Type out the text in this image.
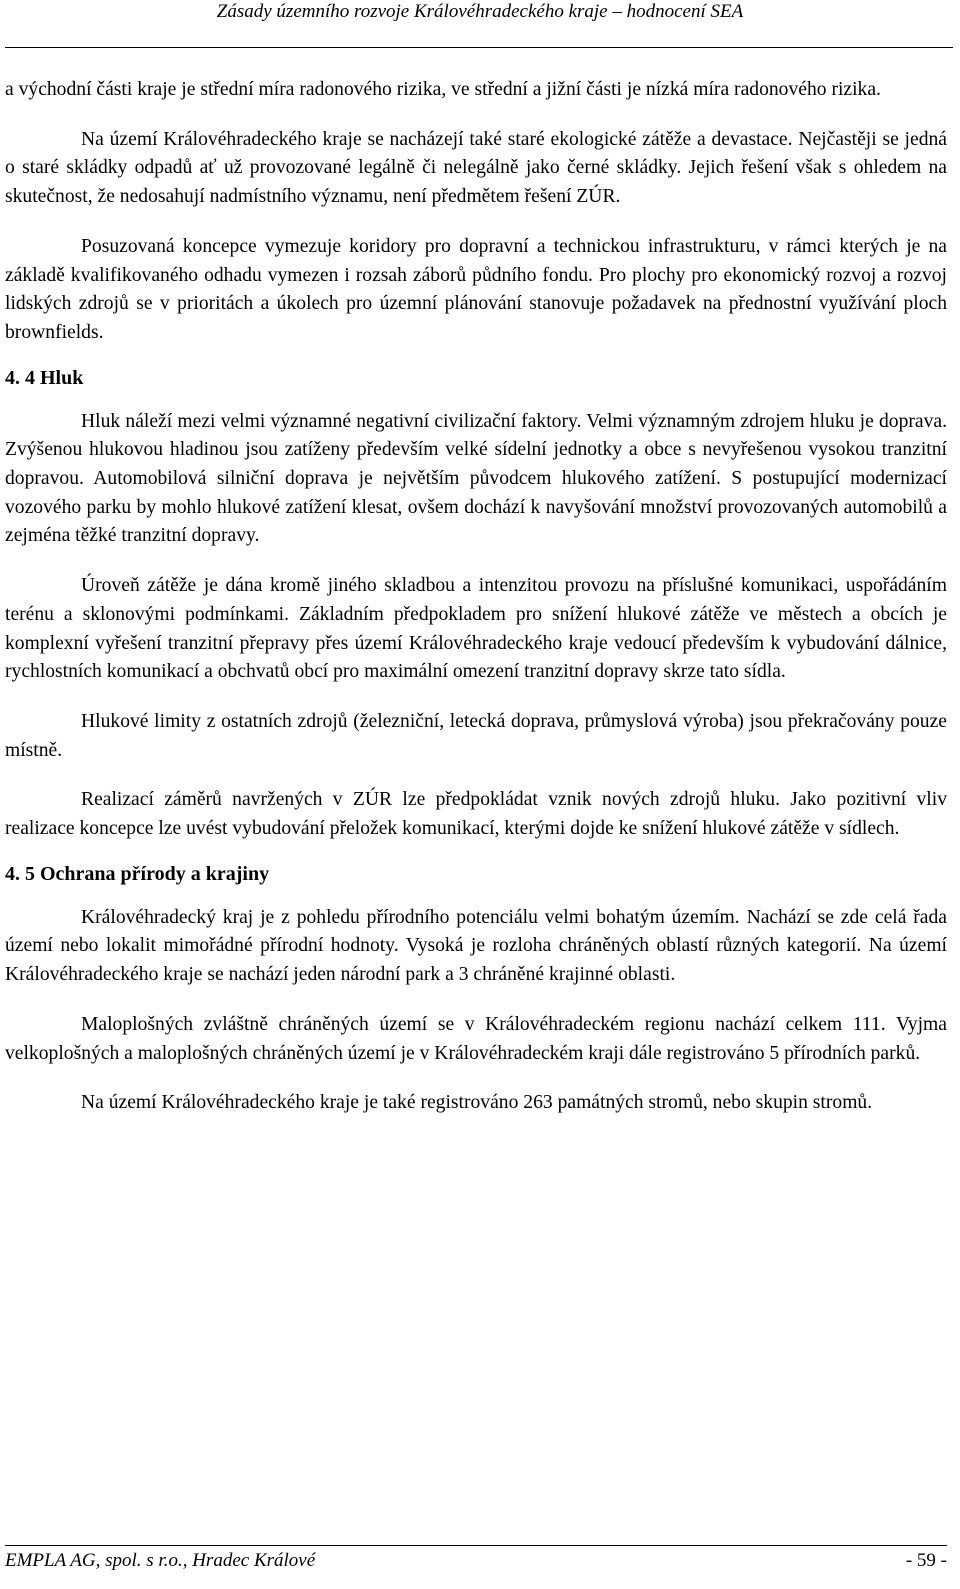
Zásady územního rozvoje Královéhradeckého kraje – hodnocení SEA

a východní části kraje je střední míra radonového rizika, ve střední a jižní části je nízká míra radonového rizika.

Na území Královéhradeckého kraje se nacházejí také staré ekologické zátěže a devastace. Nejčastěji se jedná o staré skládky odpadů ať už provozované legálně či nelegálně jako černé skládky. Jejich řešení však s ohledem na skutečnost, že nedosahují nadmístního významu, není předmětem řešení ZÚR.

Posuzovaná koncepce vymezuje koridory pro dopravní a technickou infrastrukturu, v rámci kterých je na základě kvalifikovaného odhadu vymezen i rozsah záborů půdního fondu. Pro plochy pro ekonomický rozvoj a rozvoj lidských zdrojů se v prioritách a úkolech pro územní plánování stanovuje požadavek na přednostní využívání ploch brownfields.

4. 4 Hluk

Hluk náleží mezi velmi významné negativní civilizační faktory. Velmi významným zdrojem hluku je doprava. Zvýšenou hlukovou hladinou jsou zatíženy především velké sídelní jednotky a obce s nevyřešenou vysokou tranzitní dopravou. Automobilová silniční doprava je největším původcem hlukového zatížení. S postupující modernizací vozového parku by mohlo hlukové zatížení klesat, ovšem dochází k navyšování množství provozovaných automobilů a zejména těžké tranzitní dopravy.

Úroveň zátěže je dána kromě jiného skladbou a intenzitou provozu na příslušné komunikaci, uspořádáním terénu a sklonovými podmínkami. Základním předpokladem pro snížení hlukové zátěže ve městech a obcích je komplexní vyřešení tranzitní přepravy přes území Královéhradeckého kraje vedoucí především k vybudování dálnice, rychlostních komunikací a obchvatů obcí pro maximální omezení tranzitní dopravy skrze tato sídla.

Hlukové limity z ostatních zdrojů (železniční, letecká doprava, průmyslová výroba) jsou překračovány pouze místně.

Realizací záměrů navržených v ZÚR lze předpokládat vznik nových zdrojů hluku. Jako pozitivní vliv realizace koncepce lze uvést vybudování přeložek komunikací, kterými dojde ke snížení hlukové zátěže v sídlech.

4. 5 Ochrana přírody a krajiny

Královéhradecký kraj je z pohledu přírodního potenciálu velmi bohatým územím. Nachází se zde celá řada území nebo lokalit mimořádné přírodní hodnoty. Vysoká je rozloha chráněných oblastí různých kategorií. Na území Královéhradeckého kraje se nachází jeden národní park a 3 chráněné krajinné oblasti.

Maloplošných zvláštně chráněných území se v Královéhradeckém regionu nachází celkem 111. Vyjma velkoplošných a maloplošných chráněných území je v Královéhradeckém kraji dále registrováno 5 přírodních parků.

Na území Královéhradeckého kraje je také registrováno 263 památných stromů, nebo skupin stromů.

EMPLA AG, spol. s r.o., Hradec Králové	- 59 -
